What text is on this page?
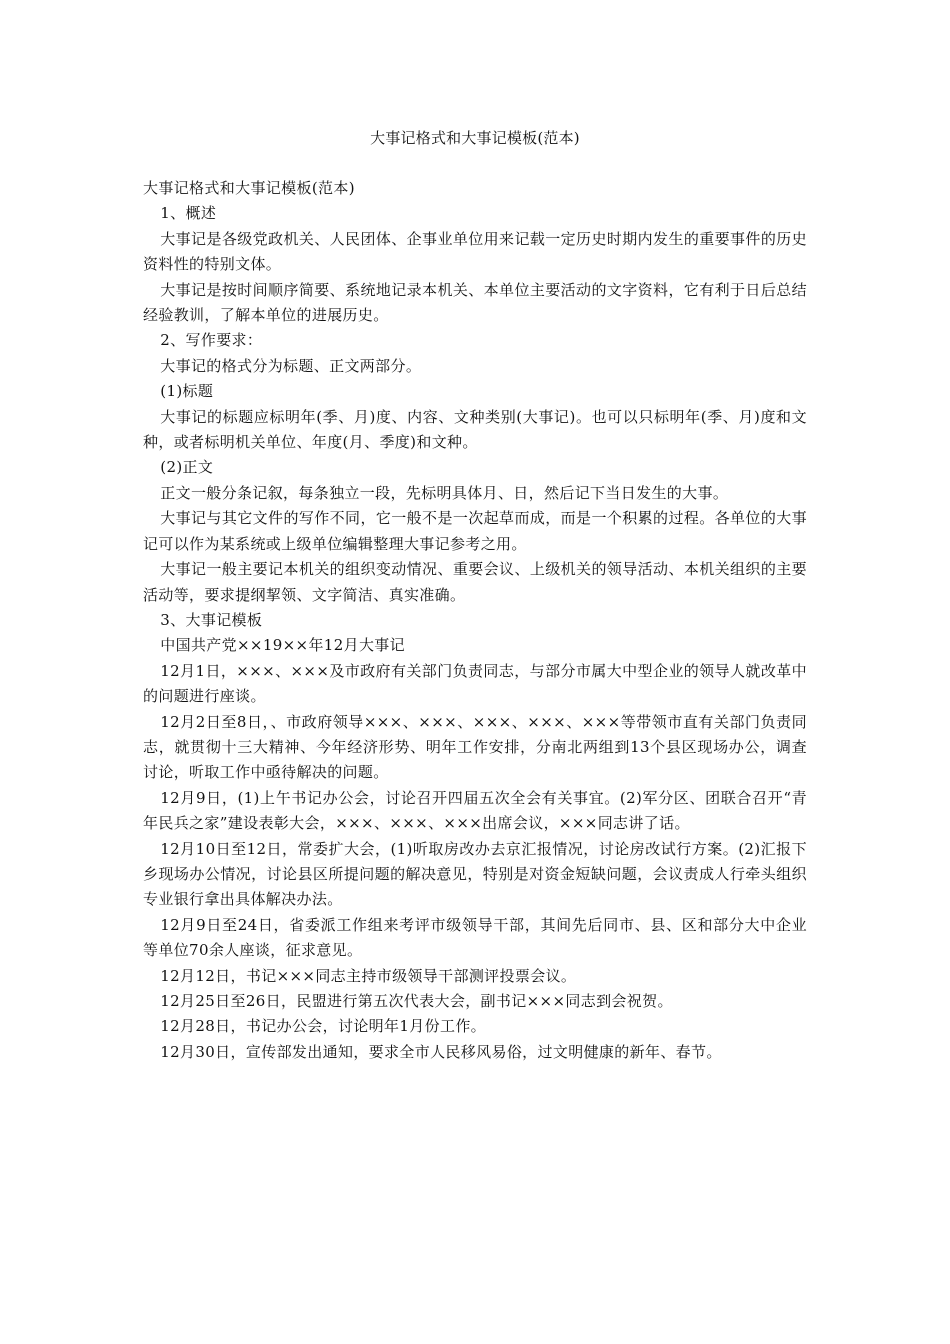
大事记格式和大事记模板(范本)

大事记格式和大事记模板(范本)

1、概述

大事记是各级党政机关、人民团体、企事业单位用来记载一定历史时期内发生的重要事件的历史资料性的特别文体。

大事记是按时间顺序简要、系统地记录本机关、本单位主要活动的文字资料，它有利于日后总结经验教训，了解本单位的进展历史。

2、写作要求：

大事记的格式分为标题、正文两部分。

(1)标题

大事记的标题应标明年(季、月)度、内容、文种类别(大事记)。也可以只标明年(季、月)度和文种，或者标明机关单位、年度(月、季度)和文种。

(2)正文

正文一般分条记叙，每条独立一段，先标明具体月、日，然后记下当日发生的大事。

大事记与其它文件的写作不同，它一般不是一次起草而成，而是一个积累的过程。各单位的大事记可以作为某系统或上级单位编辑整理大事记参考之用。

大事记一般主要记本机关的组织变动情况、重要会议、上级机关的领导活动、本机关组织的主要活动等，要求提纲挈领、文字简洁、真实准确。

3、大事记模板

中国共产党××19××年12月大事记

12月1日，×××、×××及市政府有关部门负责同志，与部分市属大中型企业的领导人就改革中的问题进行座谈。

12月2日至8日，、市政府领导×××、×××、×××、×××、×××等带领市直有关部门负责同志，就贯彻十三大精神、今年经济形势、明年工作安排，分南北两组到13个县区现场办公，调查讨论，听取工作中亟待解决的问题。

12月9日，(1)上午书记办公会，讨论召开四届五次全会有关事宜。(2)军分区、团联合召开“青年民兵之家”建设表彰大会，×××、×××、×××出席会议，×××同志讲了话。

12月10日至12日，常委扩大会，(1)听取房改办去京汇报情况，讨论房改试行方案。(2)汇报下乡现场办公情况，讨论县区所提问题的解决意见，特别是对资金短缺问题，会议责成人行牵头组织专业银行拿出具体解决办法。

12月9日至24日，省委派工作组来考评市级领导干部，其间先后同市、县、区和部分大中企业等单位70余人座谈，征求意见。

12月12日，书记×××同志主持市级领导干部测评投票会议。

12月25日至26日，民盟进行第五次代表大会，副书记×××同志到会祝贺。

12月28日，书记办公会，讨论明年1月份工作。

12月30日，宣传部发出通知，要求全市人民移风易俗，过文明健康的新年、春节。
